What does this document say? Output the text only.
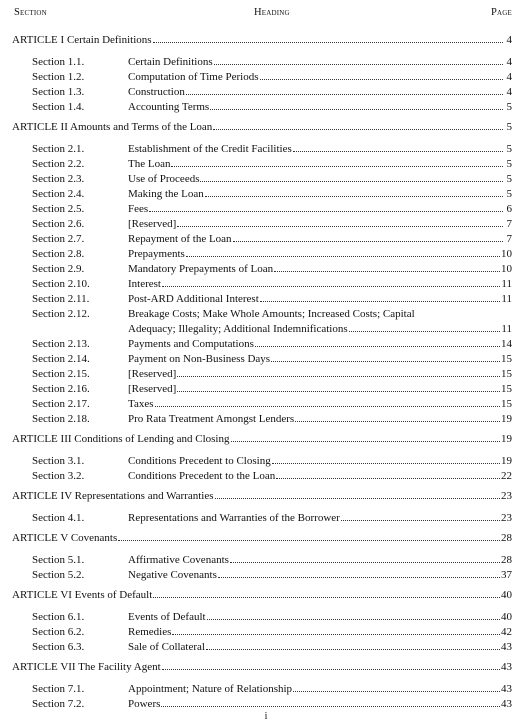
Section	Heading	Page
ARTICLE I Certain Definitions	4
Section 1.1.	Certain Definitions	4
Section 1.2.	Computation of Time Periods	4
Section 1.3.	Construction	4
Section 1.4.	Accounting Terms	5
ARTICLE II Amounts and Terms of the Loan	5
Section 2.1.	Establishment of the Credit Facilities	5
Section 2.2.	The Loan	5
Section 2.3.	Use of Proceeds	5
Section 2.4.	Making the Loan	5
Section 2.5.	Fees	6
Section 2.6.	[Reserved]	7
Section 2.7.	Repayment of the Loan	7
Section 2.8.	Prepayments	10
Section 2.9.	Mandatory Prepayments of Loan	10
Section 2.10.	Interest	11
Section 2.11.	Post-ARD Additional Interest	11
Section 2.12.	Breakage Costs; Make Whole Amounts; Increased Costs; Capital
Adequacy; Illegality; Additional Indemnifications	11
Section 2.13.	Payments and Computations	14
Section 2.14.	Payment on Non-Business Days	15
Section 2.15.	[Reserved]	15
Section 2.16.	[Reserved]	15
Section 2.17.	Taxes	15
Section 2.18.	Pro Rata Treatment Amongst Lenders	19
ARTICLE III Conditions of Lending and Closing	19
Section 3.1.	Conditions Precedent to Closing	19
Section 3.2.	Conditions Precedent to the Loan	22
ARTICLE IV Representations and Warranties	23
Section 4.1.	Representations and Warranties of the Borrower	23
ARTICLE V Covenants	28
Section 5.1.	Affirmative Covenants	28
Section 5.2.	Negative Covenants	37
ARTICLE VI Events of Default	40
Section 6.1.	Events of Default	40
Section 6.2.	Remedies	42
Section 6.3.	Sale of Collateral	43
ARTICLE VII The Facility Agent	43
Section 7.1.	Appointment; Nature of Relationship	43
Section 7.2.	Powers	43
i
